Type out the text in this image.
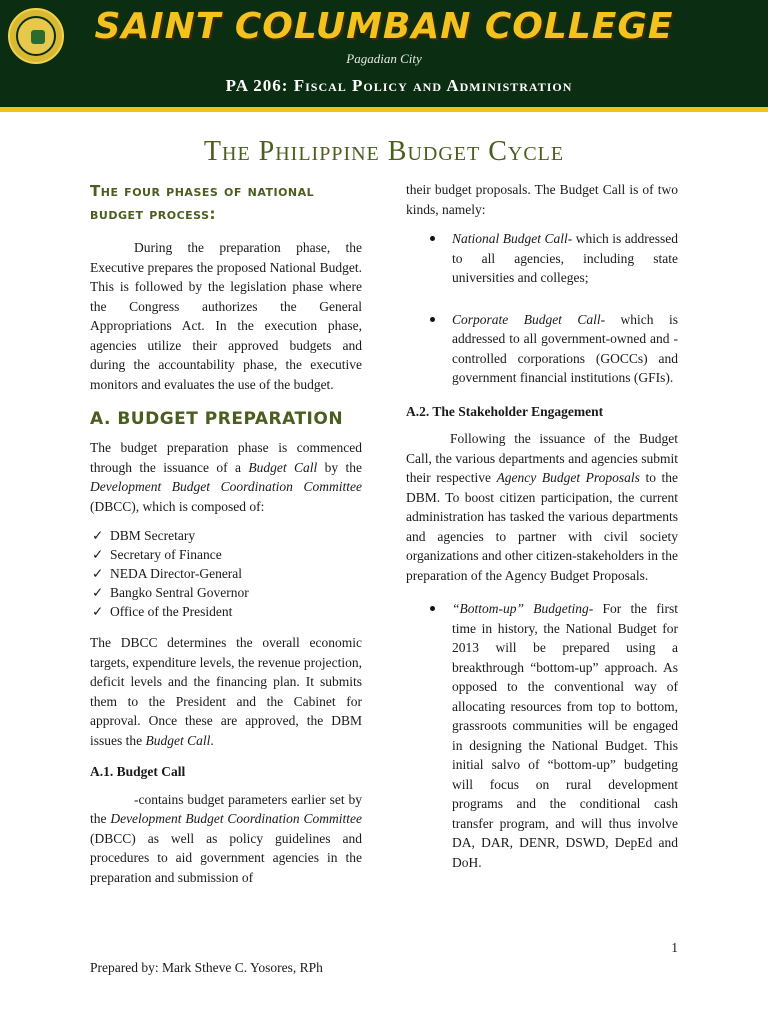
SAINT COLUMBAN COLLEGE
Pagadian City
PA 206: Fiscal Policy and Administration
The Philippine Budget Cycle
The four phases of national budget process:

During the preparation phase, the Executive prepares the proposed National Budget. This is followed by the legislation phase where the Congress authorizes the General Appropriations Act. In the execution phase, agencies utilize their approved budgets and during the accountability phase, the executive monitors and evaluates the use of the budget.

A. BUDGET PREPARATION

The budget preparation phase is commenced through the issuance of a Budget Call by the Development Budget Coordination Committee (DBCC), which is composed of:

✓ DBM Secretary
✓ Secretary of Finance
✓ NEDA Director-General
✓ Bangko Sentral Governor
✓ Office of the President

The DBCC determines the overall economic targets, expenditure levels, the revenue projection, deficit levels and the financing plan. It submits them to the President and the Cabinet for approval. Once these are approved, the DBM issues the Budget Call.

A.1. Budget Call

-contains budget parameters earlier set by the Development Budget Coordination Committee (DBCC) as well as policy guidelines and procedures to aid government agencies in the preparation and submission of

their budget proposals. The Budget Call is of two kinds, namely:

National Budget Call- which is addressed to all agencies, including state universities and colleges;
Corporate Budget Call- which is addressed to all government-owned and -controlled corporations (GOCCs) and government financial institutions (GFIs).
A.2. The Stakeholder Engagement

Following the issuance of the Budget Call, the various departments and agencies submit their respective Agency Budget Proposals to the DBM. To boost citizen participation, the current administration has tasked the various departments and agencies to partner with civil society organizations and other citizen-stakeholders in the preparation of the Agency Budget Proposals.

“Bottom-up” Budgeting- For the first time in history, the National Budget for 2013 will be prepared using a breakthrough “bottom-up” approach. As opposed to the conventional way of allocating resources from top to bottom, grassroots communities will be engaged in designing the National Budget. This initial salvo of “bottom-up” budgeting will focus on rural development programs and the conditional cash transfer program, and will thus involve DA, DAR, DENR, DSWD, DepEd and DoH.
1
Prepared by: Mark Stheve C. Yosores, RPh
